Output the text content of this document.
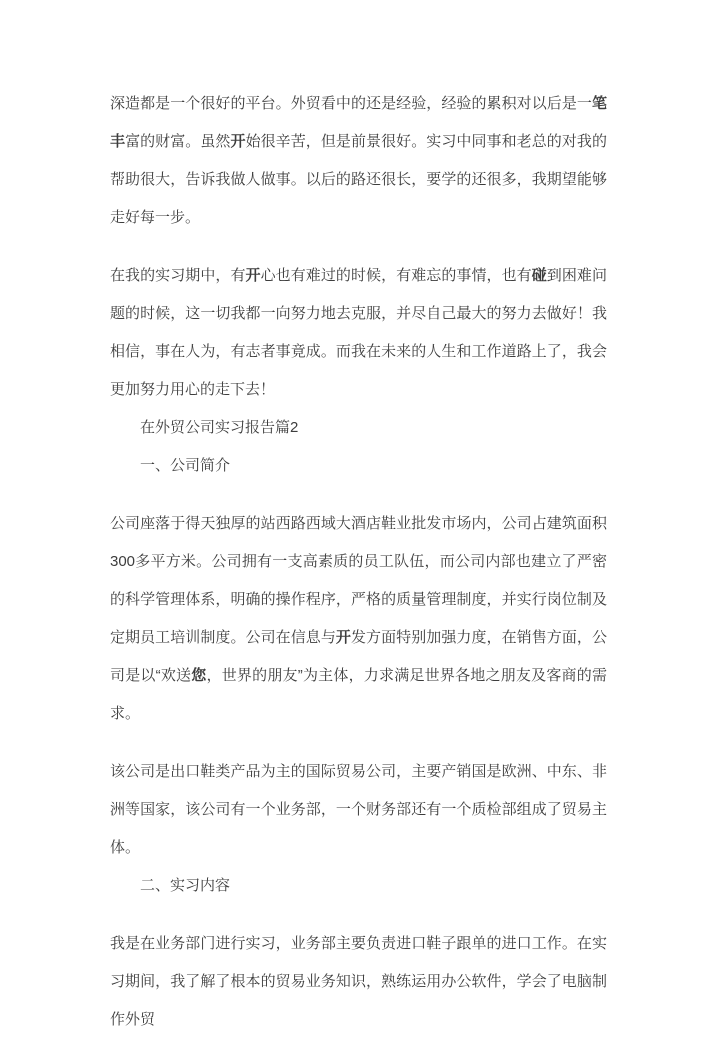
深造都是一个很好的平台。外贸看中的还是经验，经验的累积对以后是一笔丰富的财富。虽然开始很辛苦，但是前景很好。实习中同事和老总的对我的帮助很大，告诉我做人做事。以后的路还很长，要学的还很多，我期望能够走好每一步。
在我的实习期中，有开心也有难过的时候，有难忘的事情，也有碰到困难问题的时候，这一切我都一向努力地去克服，并尽自己最大的努力去做好！我相信，事在人为，有志者事竟成。而我在未来的人生和工作道路上了，我会更加努力用心的走下去！
在外贸公司实习报告篇2
一、公司简介
公司座落于得天独厚的站西路西域大酒店鞋业批发市场内，公司占建筑面积300多平方米。公司拥有一支高素质的员工队伍，而公司内部也建立了严密的科学管理体系，明确的操作程序，严格的质量管理制度，并实行岗位制及定期员工培训制度。公司在信息与开发方面特别加强力度，在销售方面，公司是以“欢送您，世界的朋友”为主体，力求满足世界各地之朋友及客商的需求。
该公司是出口鞋类产品为主的国际贸易公司，主要产销国是欧洲、中东、非洲等国家，该公司有一个业务部，一个财务部还有一个质检部组成了贸易主体。
二、实习内容
我是在业务部门进行实习，业务部主要负责进口鞋子跟单的进口工作。在实习期间，我了解了根本的贸易业务知识，熟练运用办公软件，学会了电脑制作外贸
